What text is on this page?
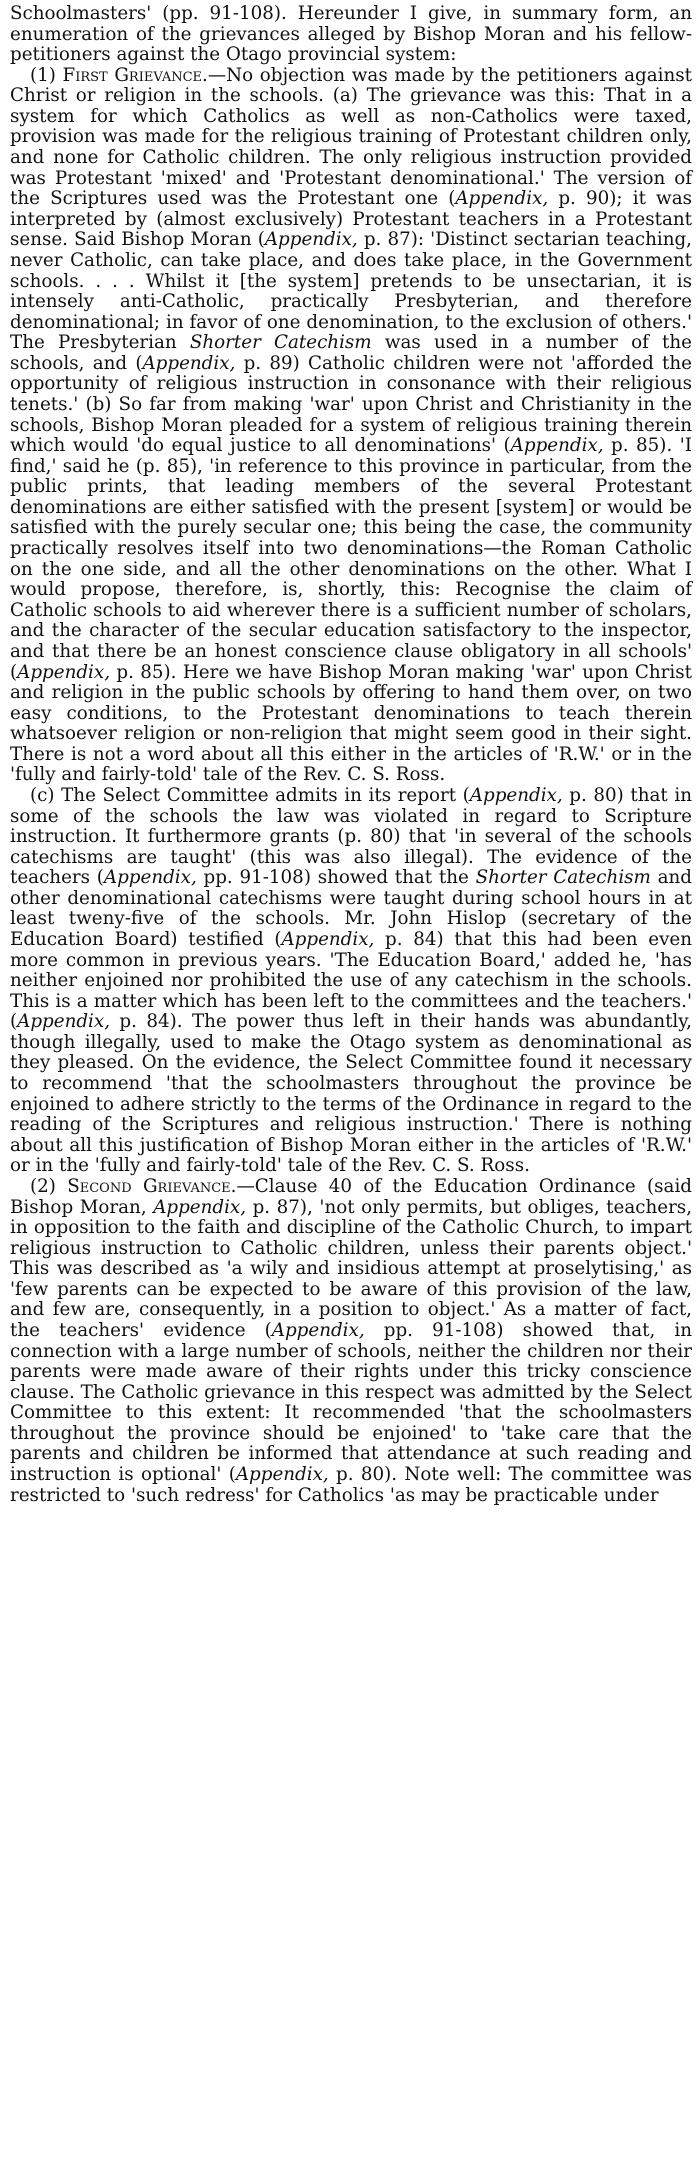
Schoolmasters' (pp. 91-108). Hereunder I give, in summary form, an enumeration of the grievances alleged by Bishop Moran and his fellow-petitioners against the Otago provincial system:

(1) First Grievance.—No objection was made by the petitioners against Christ or religion in the schools. (a) The grievance was this: That in a system for which Catholics as well as non-Catholics were taxed, provision was made for the religious training of Protestant children only, and none for Catholic children. The only religious instruction provided was Protestant 'mixed' and 'Protestant denominational.' The version of the Scriptures used was the Protestant one (Appendix, p. 90); it was interpreted by (almost exclusively) Protestant teachers in a Protestant sense. Said Bishop Moran (Appendix, p. 87): 'Distinct sectarian teaching, never Catholic, can take place, and does take place, in the Government schools. . . . Whilst it [the system] pretends to be unsectarian, it is intensely anti-Catholic, practically Presbyterian, and therefore denominational; in favor of one denomination, to the exclusion of others.' The Presbyterian Shorter Catechism was used in a number of the schools, and (Appendix, p. 89) Catholic children were not 'afforded the opportunity of religious instruction in consonance with their religious tenets.' (b) So far from making 'war' upon Christ and Christianity in the schools, Bishop Moran pleaded for a system of religious training therein which would 'do equal justice to all denominations' (Appendix, p. 85). 'I find,' said he (p. 85), 'in reference to this province in particular, from the public prints, that leading members of the several Protestant denominations are either satisfied with the present [system] or would be satisfied with the purely secular one; this being the case, the community practically resolves itself into two denominations—the Roman Catholic on the one side, and all the other denominations on the other. What I would propose, therefore, is, shortly, this: Recognise the claim of Catholic schools to aid wherever there is a sufficient number of scholars, and the character of the secular education satisfactory to the inspector, and that there be an honest conscience clause obligatory in all schools' (Appendix, p. 85). Here we have Bishop Moran making 'war' upon Christ and religion in the public schools by offering to hand them over, on two easy conditions, to the Protestant denominations to teach therein whatsoever religion or non-religion that might seem good in their sight. There is not a word about all this either in the articles of 'R.W.' or in the 'fully and fairly-told' tale of the Rev. C. S. Ross.

(c) The Select Committee admits in its report (Appendix, p. 80) that in some of the schools the law was violated in regard to Scripture instruction. It furthermore grants (p. 80) that 'in several of the schools catechisms are taught' (this was also illegal). The evidence of the teachers (Appendix, pp. 91-108) showed that the Shorter Catechism and other denominational catechisms were taught during school hours in at least tweny-five of the schools. Mr. John Hislop (secretary of the Education Board) testified (Appendix, p. 84) that this had been even more common in previous years. 'The Education Board,' added he, 'has neither enjoined nor prohibited the use of any catechism in the schools. This is a matter which has been left to the committees and the teachers.' (Appendix, p. 84). The power thus left in their hands was abundantly, though illegally, used to make the Otago system as denominational as they pleased. On the evidence, the Select Committee found it necessary to recommend 'that the schoolmasters throughout the province be enjoined to adhere strictly to the terms of the Ordinance in regard to the reading of the Scriptures and religious instruction.' There is nothing about all this justification of Bishop Moran either in the articles of 'R.W.' or in the 'fully and fairly-told' tale of the Rev. C. S. Ross.

(2) Second Grievance.—Clause 40 of the Education Ordinance (said Bishop Moran, Appendix, p. 87), 'not only permits, but obliges, teachers, in opposition to the faith and discipline of the Catholic Church, to impart religious instruction to Catholic children, unless their parents object.' This was described as 'a wily and insidious attempt at proselytising,' as 'few parents can be expected to be aware of this provision of the law, and few are, consequently, in a position to object.' As a matter of fact, the teachers' evidence (Appendix, pp. 91-108) showed that, in connection with a large number of schools, neither the children nor their parents were made aware of their rights under this tricky conscience clause. The Catholic grievance in this respect was admitted by the Select Committee to this extent: It recommended 'that the schoolmasters throughout the province should be enjoined' to 'take care that the parents and children be informed that attendance at such reading and instruction is optional' (Appendix, p. 80). Note well: The committee was restricted to 'such redress' for Catholics 'as may be practicable under
